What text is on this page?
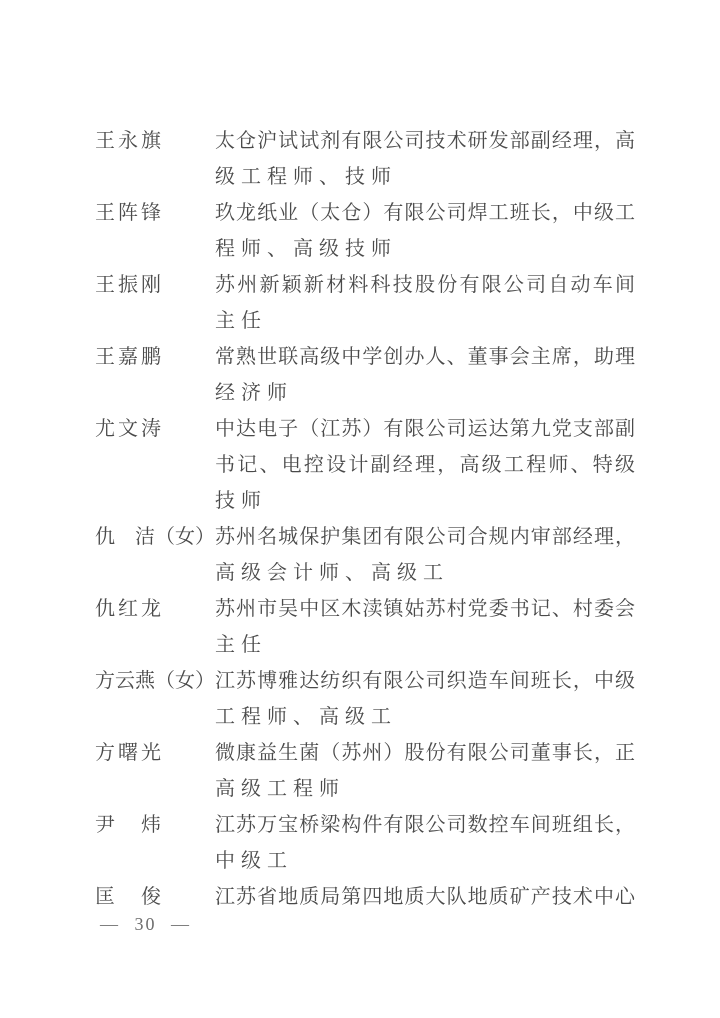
王永旗	太仓沪试试剂有限公司技术研发部副经理，高
级工程师、技师
王阵锋	玖龙纸业（太仓）有限公司焊工班长，中级工
程师、高级技师
王振刚	苏州新颖新材料科技股份有限公司自动车间
主任
王嘉鹏	常熟世联高级中学创办人、董事会主席，助理
经济师
尤文涛	中达电子（江苏）有限公司运达第九党支部副
书记、电控设计副经理，高级工程师、特级
技师
仇　洁（女） 苏州名城保护集团有限公司合规内审部经理，
高级会计师、高级工
仇红龙	苏州市吴中区木渎镇姑苏村党委书记、村委会
主任
方云燕（女） 江苏博雅达纺织有限公司织造车间班长，中级
工程师、高级工
方曙光	微康益生菌（苏州）股份有限公司董事长，正
高级工程师
尹　炜	江苏万宝桥梁构件有限公司数控车间班组长，
中级工
匡　俊	江苏省地质局第四地质大队地质矿产技术中心
— 30 —
